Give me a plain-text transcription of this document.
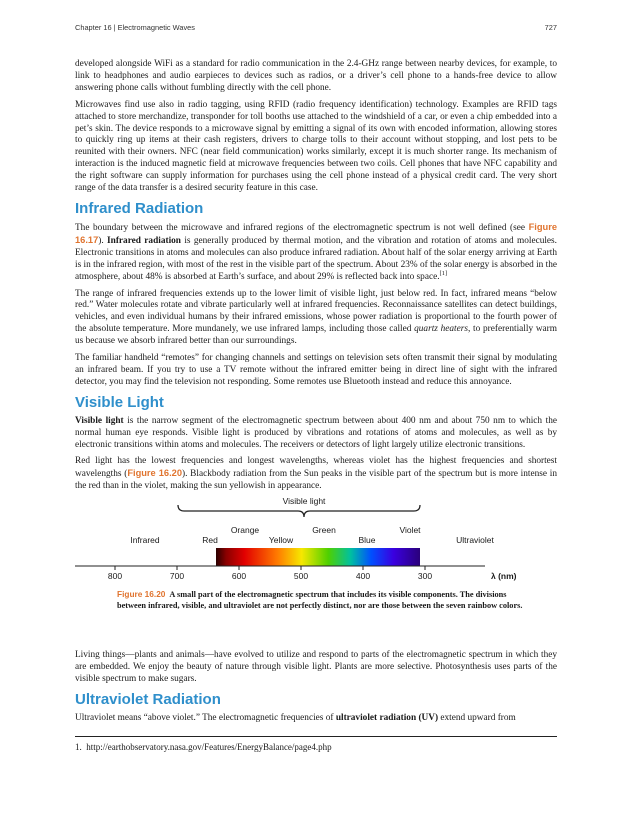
Chapter 16 | Electromagnetic Waves	727

developed alongside WiFi as a standard for radio communication in the 2.4-GHz range between nearby devices, for example, to link to headphones and audio earpieces to devices such as radios, or a driver’s cell phone to a hands-free device to allow answering phone calls without fumbling directly with the cell phone.

Microwaves find use also in radio tagging, using RFID (radio frequency identification) technology. Examples are RFID tags attached to store merchandize, transponder for toll booths use attached to the windshield of a car, or even a chip embedded into a pet’s skin. The device responds to a microwave signal by emitting a signal of its own with encoded information, allowing stores to quickly ring up items at their cash registers, drivers to charge tolls to their account without stopping, and lost pets to be reunited with their owners. NFC (near field communication) works similarly, except it is much shorter range. Its mechanism of interaction is the induced magnetic field at microwave frequencies between two coils. Cell phones that have NFC capability and the right software can supply information for purchases using the cell phone instead of a physical credit card. The very short range of the data transfer is a desired security feature in this case.

Infrared Radiation

The boundary between the microwave and infrared regions of the electromagnetic spectrum is not well defined (see Figure 16.17). Infrared radiation is generally produced by thermal motion, and the vibration and rotation of atoms and molecules. Electronic transitions in atoms and molecules can also produce infrared radiation. About half of the solar energy arriving at Earth is in the infrared region, with most of the rest in the visible part of the spectrum. About 23% of the solar energy is absorbed in the atmosphere, about 48% is absorbed at Earth’s surface, and about 29% is reflected back into space.[1]

The range of infrared frequencies extends up to the lower limit of visible light, just below red. In fact, infrared means “below red.” Water molecules rotate and vibrate particularly well at infrared frequencies. Reconnaissance satellites can detect buildings, vehicles, and even individual humans by their infrared emissions, whose power radiation is proportional to the fourth power of the absolute temperature. More mundanely, we use infrared lamps, including those called quartz heaters, to preferentially warm us because we absorb infrared better than our surroundings.

The familiar handheld “remotes” for changing channels and settings on television sets often transmit their signal by modulating an infrared beam. If you try to use a TV remote without the infrared emitter being in direct line of sight with the infrared detector, you may find the television not responding. Some remotes use Bluetooth instead and reduce this annoyance.

Visible Light

Visible light is the narrow segment of the electromagnetic spectrum between about 400 nm and about 750 nm to which the normal human eye responds. Visible light is produced by vibrations and rotations of atoms and molecules, as well as by electronic transitions within atoms and molecules. The receivers or detectors of light largely utilize electronic transitions.

Red light has the lowest frequencies and longest wavelengths, whereas violet has the highest frequencies and shortest wavelengths (Figure 16.20). Blackbody radiation from the Sun peaks in the visible part of the spectrum but is more intense in the red than in the violet, making the sun yellowish in appearance.

Visible light
Infrared	Ultraviolet
Orange	Green	Violet
Red	Yellow	Blue
800	700	600	500	400	300	λ (nm)

Figure 16.20 A small part of the electromagnetic spectrum that includes its visible components. The divisions between infrared, visible, and ultraviolet are not perfectly distinct, nor are those between the seven rainbow colors.

Living things—plants and animals—have evolved to utilize and respond to parts of the electromagnetic spectrum in which they are embedded. We enjoy the beauty of nature through visible light. Plants are more selective. Photosynthesis uses parts of the visible spectrum to make sugars.

Ultraviolet Radiation

Ultraviolet means “above violet.” The electromagnetic frequencies of ultraviolet radiation (UV) extend upward from

1. http://earthobservatory.nasa.gov/Features/EnergyBalance/page4.php
